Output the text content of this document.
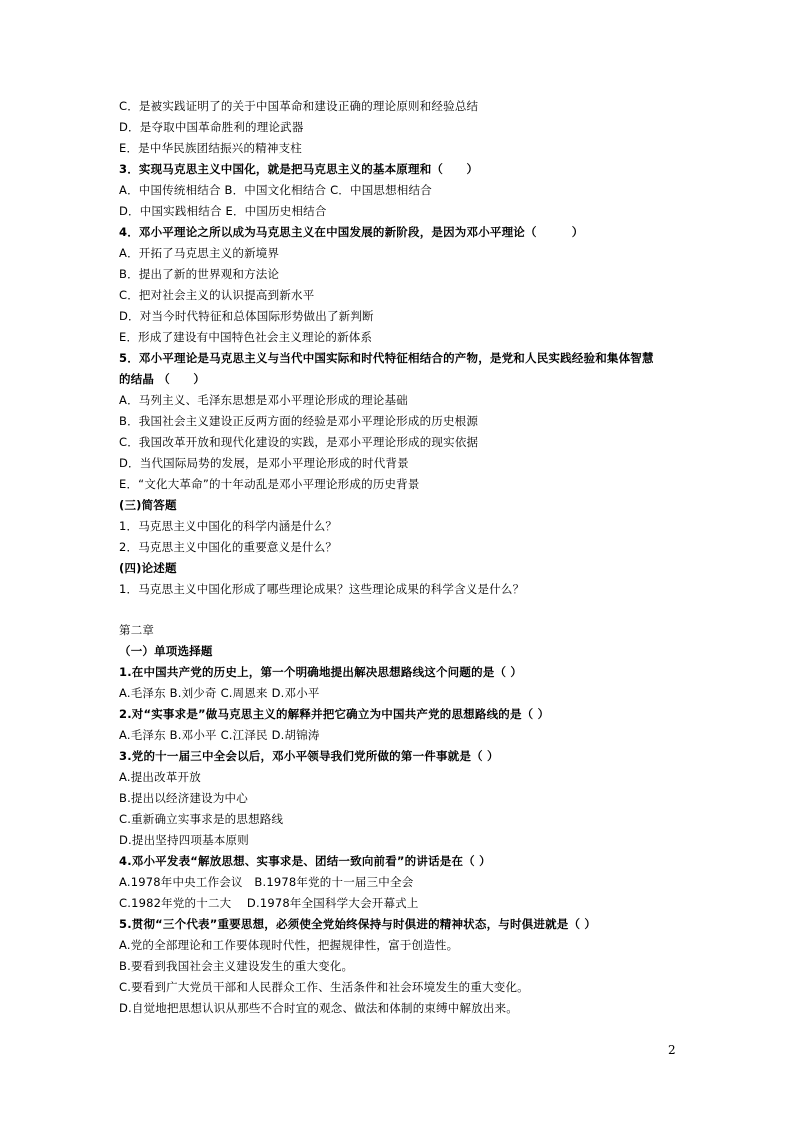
C．是被实践证明了的关于中国革命和建设正确的理论原则和经验总结
D．是夺取中国革命胜利的理论武器
E．是中华民族团结振兴的精神支柱
3．实现马克思主义中国化，就是把马克思主义的基本原理和（　　）
A．中国传统相结合 B．中国文化相结合 C．中国思想相结合
D．中国实践相结合 E．中国历史相结合
4．邓小平理论之所以成为马克思主义在中国发展的新阶段，是因为邓小平理论（　　　）
A．开拓了马克思主义的新境界
B．提出了新的世界观和方法论
C．把对社会主义的认识提高到新水平
D．对当今时代特征和总体国际形势做出了新判断
E．形成了建设有中国特色社会主义理论的新体系
5．邓小平理论是马克思主义与当代中国实际和时代特征相结合的产物，是党和人民实践经验和集体智慧
的结晶 （　　）
A．马列主义、毛泽东思想是邓小平理论形成的理论基础
B．我国社会主义建设正反两方面的经验是邓小平理论形成的历史根源
C．我国改革开放和现代化建设的实践，是邓小平理论形成的现实依据
D．当代国际局势的发展，是邓小平理论形成的时代背景
E．“文化大革命”的十年动乱是邓小平理论形成的历史背景
(三)简答题
1．马克思主义中国化的科学内涵是什么？
2．马克思主义中国化的重要意义是什么？
(四)论述题
1．马克思主义中国化形成了哪些理论成果？这些理论成果的科学含义是什么？
第二章
（一）单项选择题
1.在中国共产党的历史上，第一个明确地提出解决思想路线这个问题的是（ ）
A.毛泽东 B.刘少奇 C.周恩来 D.邓小平
2.对“实事求是”做马克思主义的解释并把它确立为中国共产党的思想路线的是（ ）
A.毛泽东 B.邓小平 C.江泽民 D.胡锦涛
3.党的十一届三中全会以后，邓小平领导我们党所做的第一件事就是（ ）
A.提出改革开放
B.提出以经济建设为中心
C.重新确立实事求是的思想路线
D.提出坚持四项基本原则
4.邓小平发表“解放思想、实事求是、团结一致向前看”的讲话是在（ ）
A.1978年中央工作会议　B.1978年党的十一届三中全会
C.1982年党的十二大　 D.1978年全国科学大会开幕式上
5.贯彻“三个代表”重要思想，必须使全党始终保持与时俱进的精神状态，与时俱进就是（ ）
A.党的全部理论和工作要体现时代性，把握规律性，富于创造性。
B.要看到我国社会主义建设发生的重大变化。
C.要看到广大党员干部和人民群众工作、生活条件和社会环境发生的重大变化。
D.自觉地把思想认识从那些不合时宜的观念、做法和体制的束缚中解放出来。
2
